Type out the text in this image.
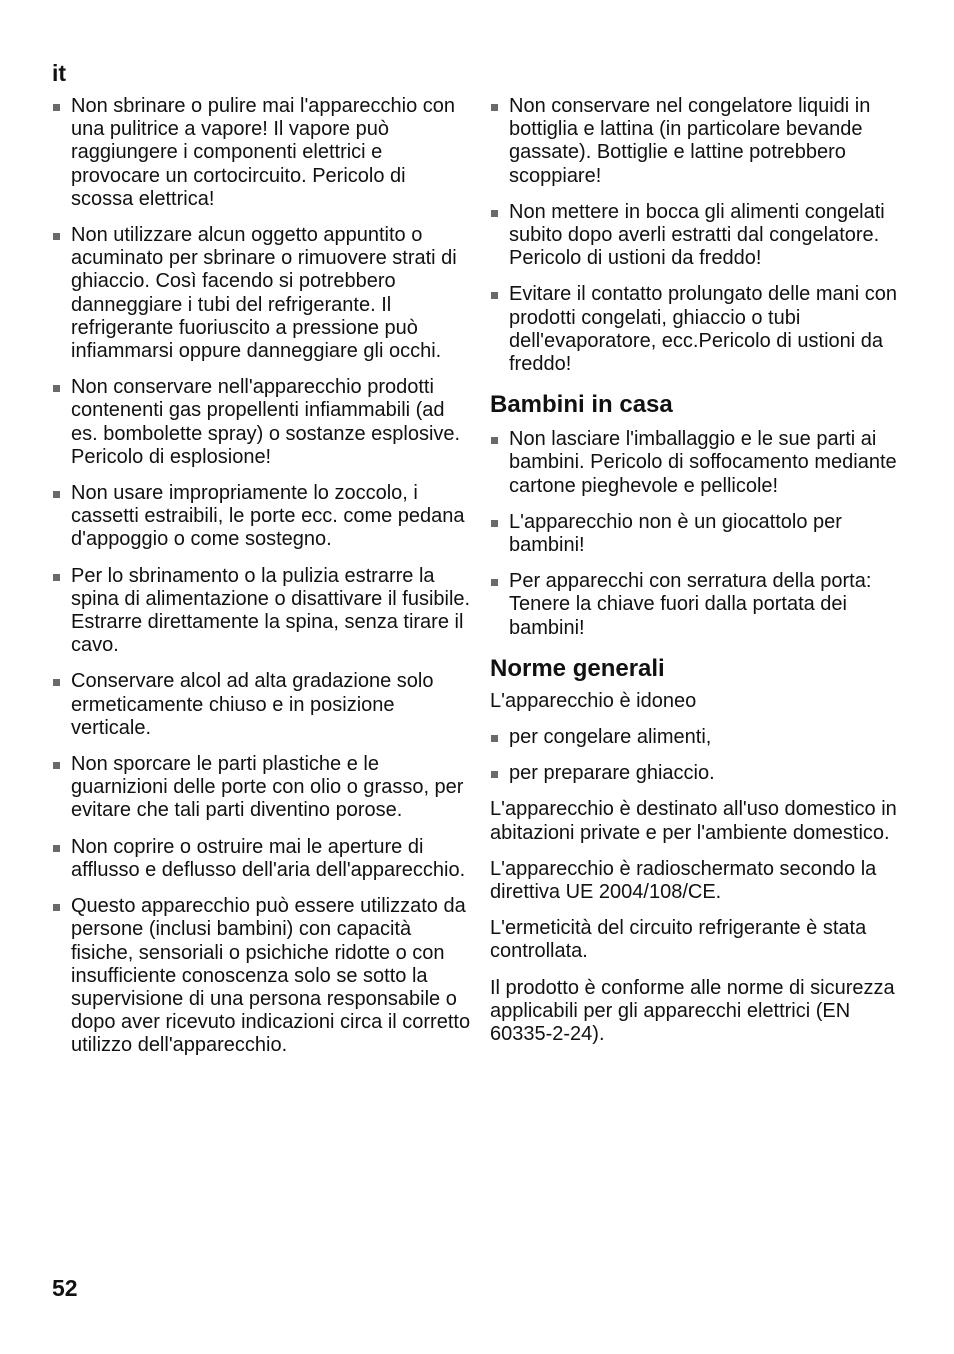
it
Non sbrinare o pulire mai l'apparecchio con una pulitrice a vapore! Il vapore può raggiungere i componenti elettrici e provocare un cortocircuito. Pericolo di scossa elettrica!
Non utilizzare alcun oggetto appuntito o acuminato per sbrinare o rimuovere strati di ghiaccio. Così facendo si potrebbero danneggiare i tubi del refrigerante. Il refrigerante fuoriuscito a pressione può infiammarsi oppure danneggiare gli occhi.
Non conservare nell'apparecchio prodotti contenenti gas propellenti infiammabili (ad es. bombolette spray) o sostanze esplosive. Pericolo di esplosione!
Non usare impropriamente lo zoccolo, i cassetti estraibili, le porte ecc. come pedana d'appoggio o come sostegno.
Per lo sbrinamento o la pulizia estrarre la spina di alimentazione o disattivare il fusibile. Estrarre direttamente la spina, senza tirare il cavo.
Conservare alcol ad alta gradazione solo ermeticamente chiuso e in posizione verticale.
Non sporcare le parti plastiche e le guarnizioni delle porte con olio o grasso, per evitare che tali parti diventino porose.
Non coprire o ostruire mai le aperture di afflusso e deflusso dell'aria dell'apparecchio.
Questo apparecchio può essere utilizzato da persone (inclusi bambini) con capacità fisiche, sensoriali o psichiche ridotte o con insufficiente conoscenza solo se sotto la supervisione di una persona responsabile o dopo aver ricevuto indicazioni circa il corretto utilizzo dell'apparecchio.
Non conservare nel congelatore liquidi in bottiglia e lattina (in particolare bevande gassate). Bottiglie e lattine potrebbero scoppiare!
Non mettere in bocca gli alimenti congelati subito dopo averli estratti dal congelatore. Pericolo di ustioni da freddo!
Evitare il contatto prolungato delle mani con prodotti congelati, ghiaccio o tubi dell'evaporatore, ecc.Pericolo di ustioni da freddo!
Bambini in casa
Non lasciare l'imballaggio e le sue parti ai bambini. Pericolo di soffocamento mediante cartone pieghevole e pellicole!
L'apparecchio non è un giocattolo per bambini!
Per apparecchi con serratura della porta: Tenere la chiave fuori dalla portata dei bambini!
Norme generali

L'apparecchio è idoneo

per congelare alimenti,
per preparare ghiaccio.

L'apparecchio è destinato all'uso domestico in abitazioni private e per l'ambiente domestico.

L'apparecchio è radioschermato secondo la direttiva UE 2004/108/CE.

L'ermeticità del circuito refrigerante è stata controllata.

Il prodotto è conforme alle norme di sicurezza applicabili per gli apparecchi elettrici (EN 60335-2-24).

52
